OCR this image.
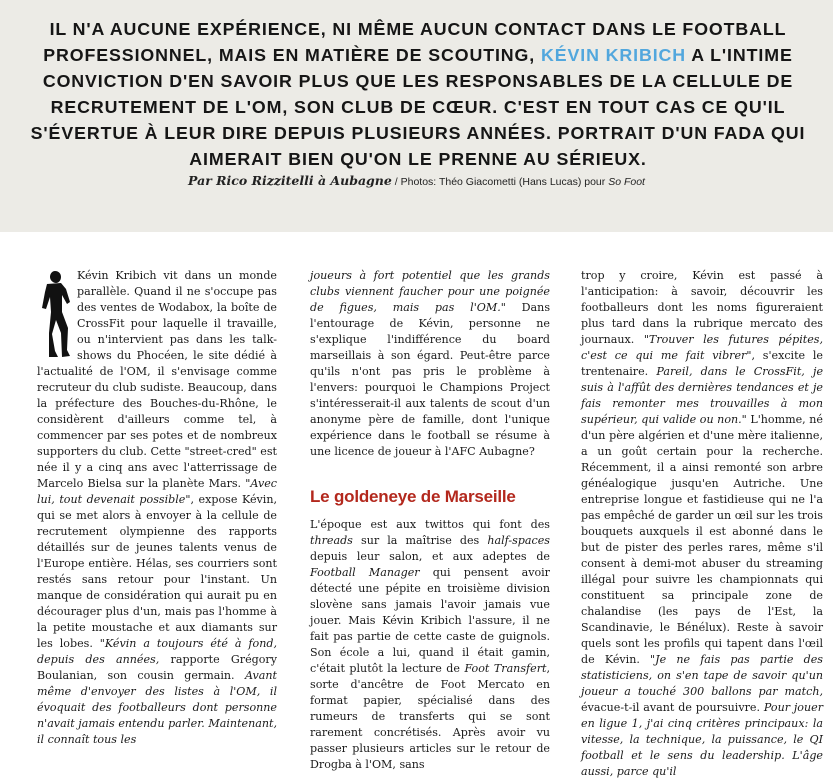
IL N'A AUCUNE EXPÉRIENCE, NI MÊME AUCUN CONTACT DANS LE FOOTBALL PROFESSIONNEL, MAIS EN MATIÈRE DE SCOUTING, KÉVIN KRIBICH A L'INTIME CONVICTION D'EN SAVOIR PLUS QUE LES RESPONSABLES DE LA CELLULE DE RECRUTEMENT DE L'OM, SON CLUB DE CŒUR. C'EST EN TOUT CAS CE QU'IL S'ÉVERTUE À LEUR DIRE DEPUIS PLUSIEURS ANNÉES. PORTRAIT D'UN FADA QUI AIMERAIT BIEN QU'ON LE PRENNE AU SÉRIEUX.
Par Rico Rizzitelli à Aubagne / Photos: Théo Giacometti (Hans Lucas) pour So Foot

Kévin Kribich vit dans un monde parallèle. Quand il ne s'occupe pas des ventes de Wodabox, la boîte de CrossFit pour laquelle il travaille, ou n'intervient pas dans les talk-shows du Phocéen, le site dédié à l'actualité de l'OM, il s'envisage comme recruteur du club sudiste. Beaucoup, dans la préfecture des Bouches-du-Rhône, le considèrent d'ailleurs comme tel, à commencer par ses potes et de nombreux supporters du club. Cette "street-cred" est née il y a cinq ans avec l'atterrissage de Marcelo Bielsa sur la planète Mars. "Avec lui, tout devenait possible", expose Kévin, qui se met alors à envoyer à la cellule de recrutement olympienne des rapports détaillés sur de jeunes talents venus de l'Europe entière. Hélas, ses courriers sont restés sans retour pour l'instant. Un manque de considération qui aurait pu en décourager plus d'un, mais pas l'homme à la petite moustache et aux diamants sur les lobes. "Kévin a toujours été à fond, depuis des années, rapporte Grégory Boulanian, son cousin germain. Avant même d'envoyer des listes à l'OM, il évoquait des footballeurs dont personne n'avait jamais entendu parler. Maintenant, il connaît tous les

joueurs à fort potentiel que les grands clubs viennent faucher pour une poignée de figues, mais pas l'OM." Dans l'entourage de Kévin, personne ne s'explique l'indifférence du board marseillais à son égard. Peut-être parce qu'ils n'ont pas pris le problème à l'envers: pourquoi le Champions Project s'intéresserait-il aux talents de scout d'un anonyme père de famille, dont l'unique expérience dans le football se résume à une licence de joueur à l'AFC Aubagne?

Le goldeneye de Marseille

L'époque est aux twittos qui font des threads sur la maîtrise des half-spaces depuis leur salon, et aux adeptes de Football Manager qui pensent avoir détecté une pépite en troisième division slovène sans jamais l'avoir jamais vue jouer. Mais Kévin Kribich l'assure, il ne fait pas partie de cette caste de guignols. Son école a lui, quand il était gamin, c'était plutôt la lecture de Foot Transfert, sorte d'ancêtre de Foot Mercato en format papier, spécialisé dans des rumeurs de transferts qui se sont rarement concrétisés. Après avoir vu passer plusieurs articles sur le retour de Drogba à l'OM, sans

trop y croire, Kévin est passé à l'anticipation: à savoir, découvrir les footballeurs dont les noms figureraient plus tard dans la rubrique mercato des journaux. "Trouver les futures pépites, c'est ce qui me fait vibrer", s'excite le trentenaire. Pareil, dans le CrossFit, je suis à l'affût des dernières tendances et je fais remonter mes trouvailles à mon supérieur, qui valide ou non." L'homme, né d'un père algérien et d'une mère italienne, a un goût certain pour la recherche. Récemment, il a ainsi remonté son arbre généalogique jusqu'en Autriche. Une entreprise longue et fastidieuse qui ne l'a pas empêché de garder un œil sur les trois bouquets auxquels il est abonné dans le but de pister des perles rares, même s'il consent à demi-mot abuser du streaming illégal pour suivre les championnats qui constituent sa principale zone de chalandise (les pays de l'Est, la Scandinavie, le Bénélux). Reste à savoir quels sont les profils qui tapent dans l'œil de Kévin. "Je ne fais pas partie des statisticiens, on s'en tape de savoir qu'un joueur a touché 300 ballons par match, évacue-t-il avant de poursuivre. Pour jouer en ligue 1, j'ai cinq critères principaux: la vitesse, la technique, la puissance, le QI football et le sens du leadership. L'âge aussi, parce qu'il
